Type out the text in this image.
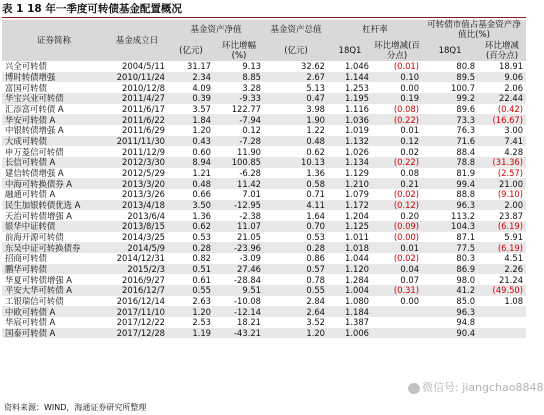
表 1 18 年一季度可转债基金配置概况
证券简称	基金成立日	基金资产净值		基金资产总值	杠杆率		可转债市值占基金资产净值比(%)	
		(亿元)	环比增幅(%)	(亿元)	18Q1	环比增减(百分点)	18Q1	环比增减(百分点)
兴全可转债	2004/5/11	31.17	9.13	32.62	1.046	(0.01)	80.8	18.91
博时转债增强	2010/11/24	2.34	8.85	2.67	1.144	0.10	89.5	9.06
富国可转债	2010/12/8	4.09	3.28	5.13	1.253	0.00	100.7	2.06
华宝兴业可转债	2011/4/27	0.39	-9.33	0.47	1.195	0.19	99.2	22.44
汇添富可转债 A	2011/6/17	3.57	122.77	3.98	1.116	(0.08)	89.6	(0.42)
华安可转债 A	2011/6/22	1.84	-7.94	1.90	1.036	(0.22)	73.3	(16.67)
中银转债增强 A	2011/6/29	1.20	0.12	1.22	1.019	0.01	76.3	3.00
大成可转债	2011/11/30	0.43	-7.28	0.48	1.132	0.12	71.6	7.41
申万菱信可转债	2011/12/9	0.60	11.90	0.62	1.026	0.02	88.4	4.28
长信可转债 A	2012/3/30	8.94	100.85	10.13	1.134	(0.22)	78.8	(31.36)
建信转债增强 A	2012/5/29	1.21	-6.28	1.36	1.129	0.08	81.9	(2.57)
中海可转换债券 A	2013/3/20	0.48	11.42	0.58	1.210	0.21	99.4	21.00
融通可转债 A	2013/3/26	0.66	7.01	0.71	1.079	(0.02)	88.8	(9.10)
民生加银转债优选 A	2013/4/18	3.50	-12.95	4.11	1.172	(0.12)	96.3	2.00
天治可转债增强 A	2013/6/4	1.36	-2.38	1.64	1.204	0.20	113.2	23.87
银华中证转债	2013/8/15	0.62	11.07	0.70	1.125	(0.09)	104.3	(6.19)
前海开源可转债	2014/3/25	0.53	21.05	0.53	1.011	(0.00)	87.1	5.91
东吴中证可转换债券	2014/5/9	0.28	-23.96	0.28	1.018	0.01	77.5	(6.19)
招商可转债	2014/12/31	0.82	-3.09	0.86	1.044	(0.02)	80.3	4.51
鹏华可转债	2015/2/3	0.51	27.46	0.57	1.120	0.04	86.9	2.26
华夏可转债增强 A	2016/9/27	0.61	-28.84	0.78	1.284	0.07	98.0	21.24
平安大华可转债 A	2016/12/7	0.55	9.51	0.55	1.004	(0.31)	41.2	(49.50)
工银瑞信可转债	2016/12/14	2.63	-10.08	2.84	1.080	0.00	85.0	1.08
中欧可转债 A	2017/11/10	1.20	-12.14	2.64	1.184		96.3	
华宸可转债 A	2017/12/22	2.53	18.21	3.52	1.387		94.8	
国泰可转债 A	2017/12/28	1.19	-43.21	1.20	1.006		90.4	
微信号: jiangchao8848
资料来源：WIND，海通证券研究所整理
